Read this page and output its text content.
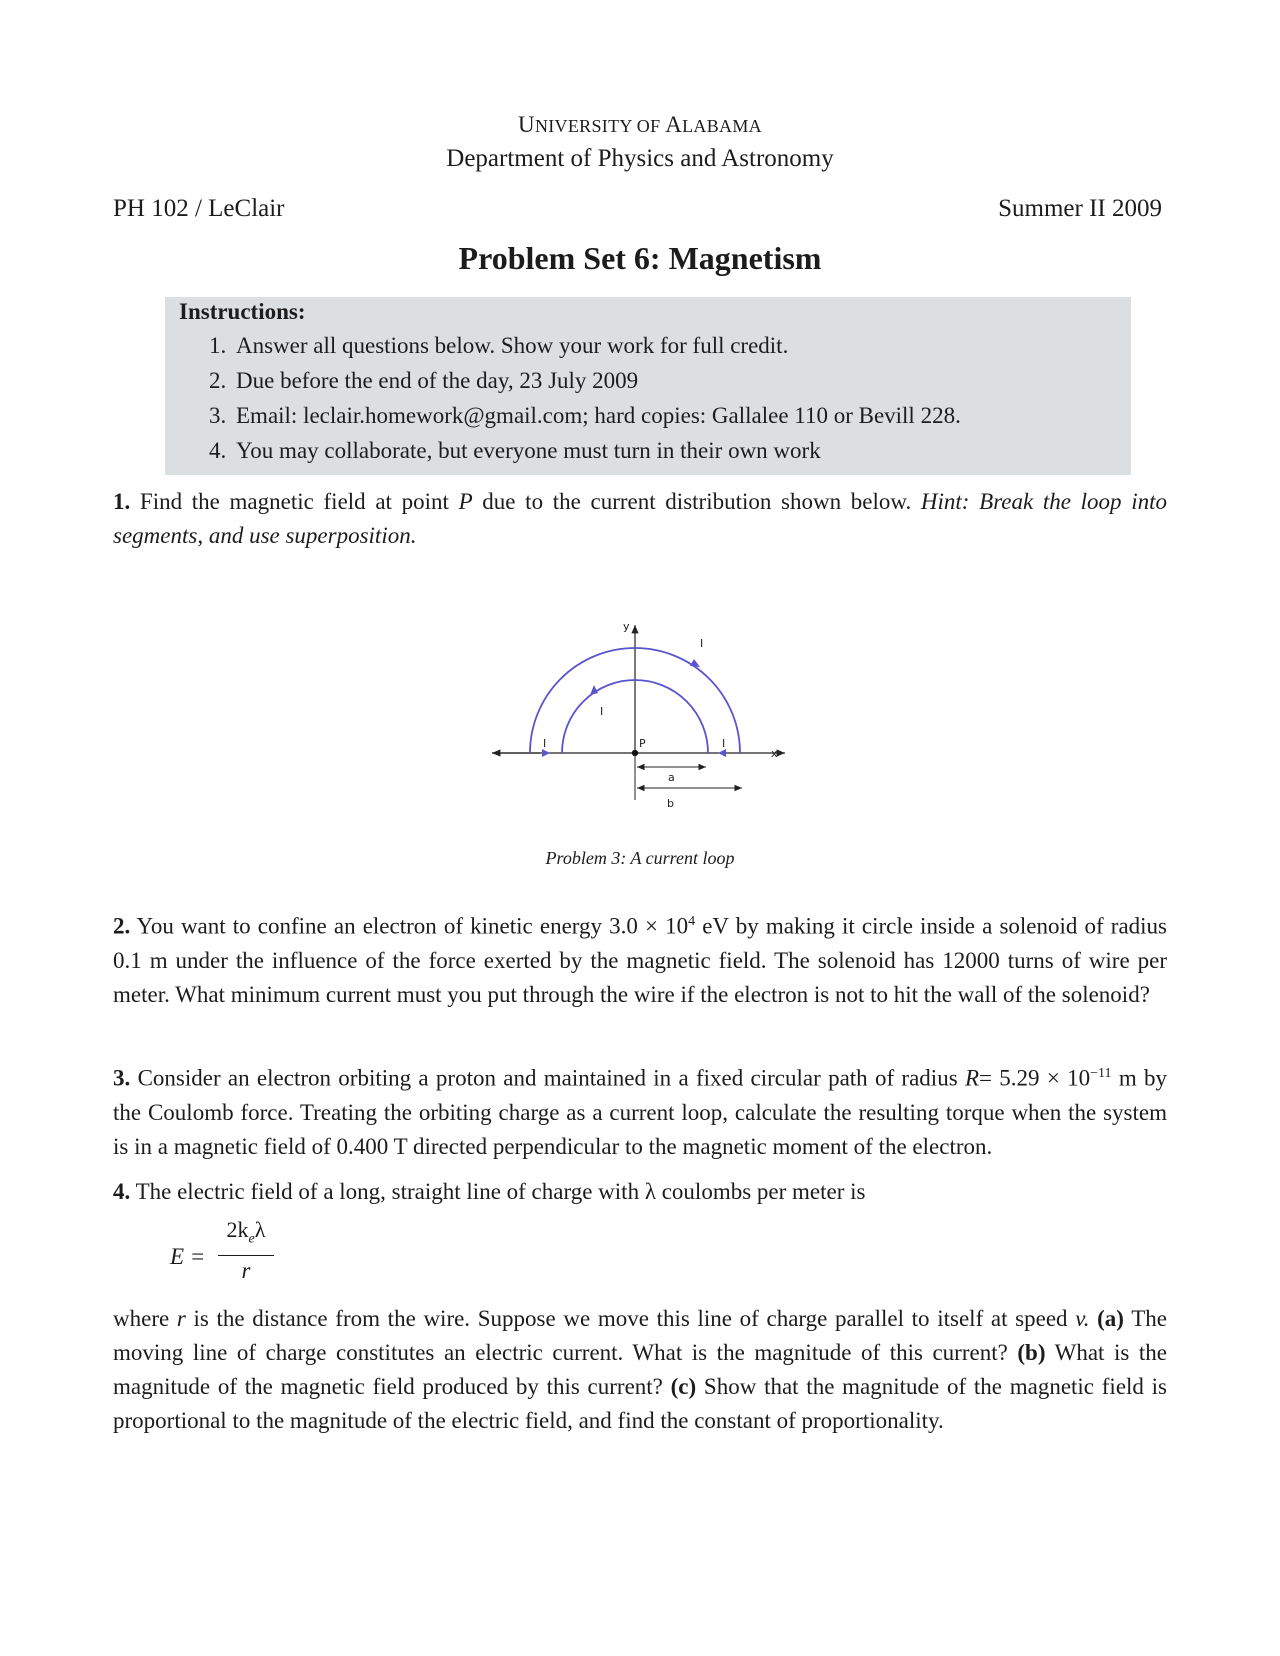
UNIVERSITY OF ALABAMA
Department of Physics and Astronomy
PH 102 / LeClair	Summer II 2009
Problem Set 6: Magnetism
Instructions:
1. Answer all questions below. Show your work for full credit.
2. Due before the end of the day, 23 July 2009
3. Email: leclair.homework@gmail.com; hard copies: Gallalee 110 or Bevill 228.
4. You may collaborate, but everyone must turn in their own work
1. Find the magnetic field at point P due to the current distribution shown below. Hint: Break the loop into segments, and use superposition.
y
x
P
a
b
I
I
I	I
Problem 3: A current loop
2. You want to confine an electron of kinetic energy $3.0 \times 10^4$ eV by making it circle inside a solenoid of radius 0.1 m under the influence of the force exerted by the magnetic field. The solenoid has 12000 turns of wire per meter. What minimum current must you put through the wire if the electron is not to hit the wall of the solenoid?
3. Consider an electron orbiting a proton and maintained in a fixed circular path of radius $R= 5.29 \times 10^{-11}$ m by the Coulomb force. Treating the orbiting charge as a current loop, calculate the resulting torque when the system is in a magnetic field of 0.400 T directed perpendicular to the magnetic moment of the electron.
4. The electric field of a long, straight line of charge with λ coulombs per meter is
E =
$2k_e\lambda$
r
where r is the distance from the wire. Suppose we move this line of charge parallel to itself at speed v. (a) The moving line of charge constitutes an electric current. What is the magnitude of this current? (b) What is the magnitude of the magnetic field produced by this current? (c) Show that the magnitude of the magnetic field is proportional to the magnitude of the electric field, and find the constant of proportionality.
